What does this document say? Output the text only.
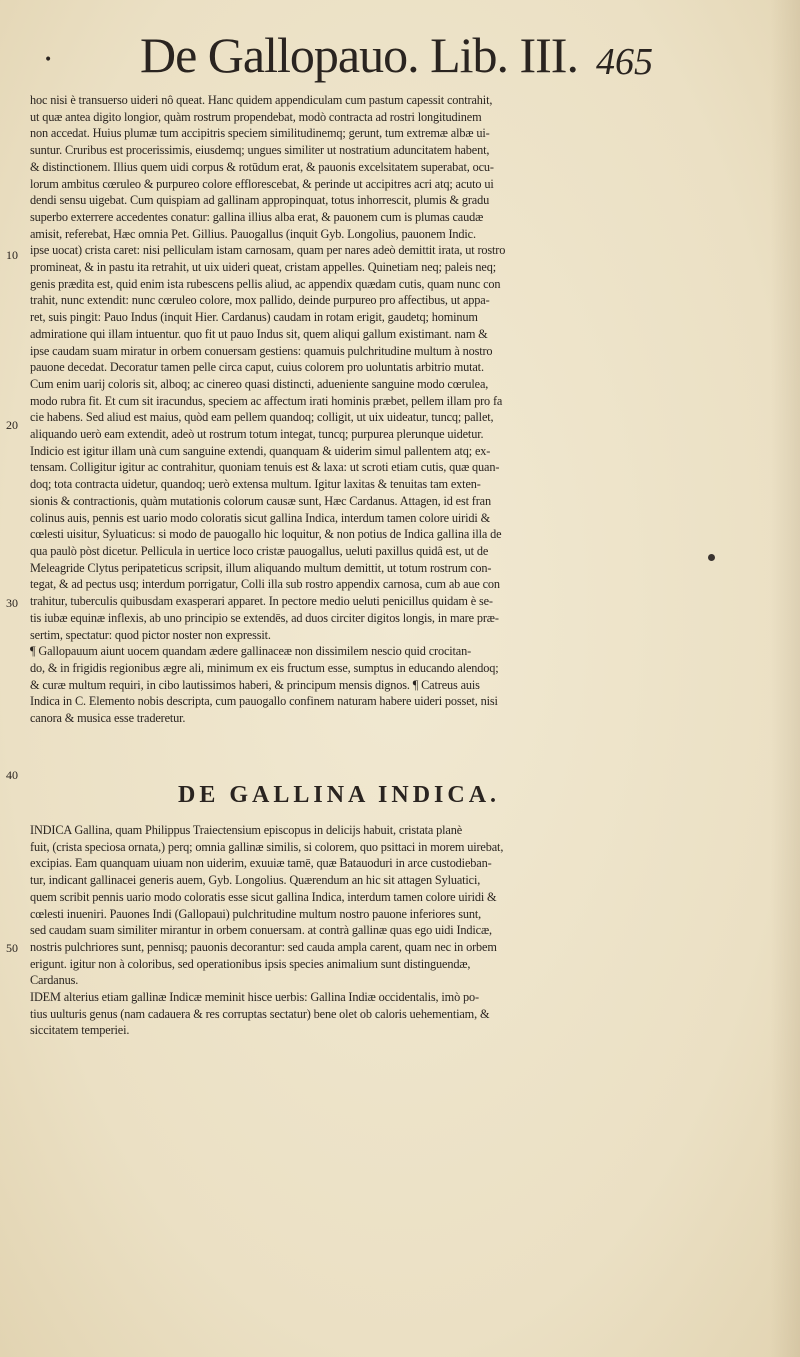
• De Gallopauo. Lib. III. 465
hoc nisi è transuerso uideri nô queat. Hanc quidem appendiculam cum pastum capessit contrahit,
ut quæ antea digito longior, quàm rostrum propendebat, modò contracta ad rostri longitudinem
non accedat. Huius plumæ tum accipitris speciem similitudinemq; gerunt, tum extremæ albæ ui-
suntur. Cruribus est procerissimis, eiusdemq; ungues similiter ut nostratium aduncitatem habent,
& distinctionem. Illius quem uidi corpus & rotūdum erat, & pauonis excelsitatem superabat, ocu-
lorum ambitus cœruleo & purpureo colore efflorescebat, & perinde ut accipitres acri atq; acuto ui
dendi sensu uigebat. Cum quispiam ad gallinam appropinquat, totus inhorrescit, plumis & gradu
superbo exterrere accedentes conatur: gallina illius alba erat, & pauonem cum is plumas caudæ
amisit, referebat, Hæc omnia Pet. Gillius. Pauogallus (inquit Gyb. Longolius, pauonem Indic.
ipse uocat) crista caret: nisi pelliculam istam carnosam, quam per nares adeò demittit irata, ut rostro
promineat, & in pastu ita retrahit, ut uix uideri queat, cristam appelles. Quinetiam neq; paleis neq;
genis prædita est, quid enim ista rubescens pellis aliud, ac appendix quædam cutis, quam nunc con
trahit, nunc extendit: nunc cœruleo colore, mox pallido, deinde purpureo pro affectibus, ut appa-
ret, suis pingit: Pauo Indus (inquit Hier. Cardanus) caudam in rotam erigit, gaudetq; hominum
admiratione qui illam intuentur. quo fit ut pauo Indus sit, quem aliqui gallum existimant. nam &
ipse caudam suam miratur in orbem conuersam gestiens: quamuis pulchritudine multum à nostro
pauone decedat. Decoratur tamen pelle circa caput, cuius colorem pro uoluntatis arbitrio mutat.
Cum enim uarij coloris sit, alboq; ac cinereo quasi distincti, adueniente sanguine modo cœrulea,
modo rubra fit. Et cum sit iracundus, speciem ac affectum irati hominis præbet, pellem illam pro fa
cie habens. Sed aliud est maius, quòd eam pellem quandoq; colligit, ut uix uideatur, tuncq; pallet,
aliquando uerò eam extendit, adeò ut rostrum totum integat, tuncq; purpurea plerunque uidetur.
Indicio est igitur illam unà cum sanguine extendi, quanquam & uiderim simul pallentem atq; ex-
tensam. Colligitur igitur ac contrahitur, quoniam tenuis est & laxa: ut scroti etiam cutis, quæ quan-
doq; tota contracta uidetur, quandoq; uerò extensa multum. Igitur laxitas & tenuitas tam exten-
sionis & contractionis, quàm mutationis colorum causæ sunt, Hæc Cardanus. Attagen, id est fran
colinus auis, pennis est uario modo coloratis sicut gallina Indica, interdum tamen colore uiridi &
cœlesti uisitur, Syluaticus: si modo de pauogallo hic loquitur, & non potius de Indica gallina illa de
qua paulò pòst dicetur. Pellicula in uertice loco cristæ pauogallus, ueluti paxillus quidâ est, ut de
Meleagride Clytus peripateticus scripsit, illum aliquando multum demittit, ut totum rostrum con-
tegat, & ad pectus usq; interdum porrigatur, Colli illa sub rostro appendix carnosa, cum ab aue con
trahitur, tuberculis quibusdam exasperari apparet. In pectore medio ueluti penicillus quidam è se-
tis iubæ equinæ inflexis, ab uno principio se extendēs, ad duos circiter digitos longis, in mare præ-
sertim, spectatur: quod pictor noster non expressit.
¶ Gallopauum aiunt uocem quandam ædere gallinaceæ non dissimilem nescio quid crocitan-
do, & in frigidis regionibus ægre ali, minimum ex eis fructum esse, sumptus in educando alendoq;
& curæ multum requiri, in cibo lautissimos haberi, & principum mensis dignos. ¶ Catreus auis
Indica in C. Elemento nobis descripta, cum pauogallo confinem naturam habere uideri posset, nisi
canora & musica esse traderetur.
10
20
30
40
50
DE GALLINA INDICA.
INDICA Gallina, quam Philippus Traiectensium episcopus in delicijs habuit, cristata planè
fuit, (crista speciosa ornata,) perq; omnia gallinæ similis, si colorem, quo psittaci in morem uirebat,
excipias. Eam quanquam uiuam non uiderim, exuuiæ tamē, quæ Batauoduri in arce custodieban-
tur, indicant gallinacei generis auem, Gyb. Longolius. Quærendum an hic sit attagen Syluatici,
quem scribit pennis uario modo coloratis esse sicut gallina Indica, interdum tamen colore uiridi &
cœlesti inueniri. Pauones Indi (Gallopaui) pulchritudine multum nostro pauone inferiores sunt,
sed caudam suam similiter mirantur in orbem conuersam. at contrà gallinæ quas ego uidi Indicæ,
nostris pulchriores sunt, pennisq; pauonis decorantur: sed cauda ampla carent, quam nec in orbem
erigunt. igitur non à coloribus, sed operationibus ipsis species animalium sunt distinguendæ,
Cardanus.
IDEM alterius etiam gallinæ Indicæ meminit hisce uerbis: Gallina Indiæ occidentalis, imò po-
tius uulturis genus (nam cadauera & res corruptas sectatur) bene olet ob caloris uehementiam, &
siccitatem temperiei.
